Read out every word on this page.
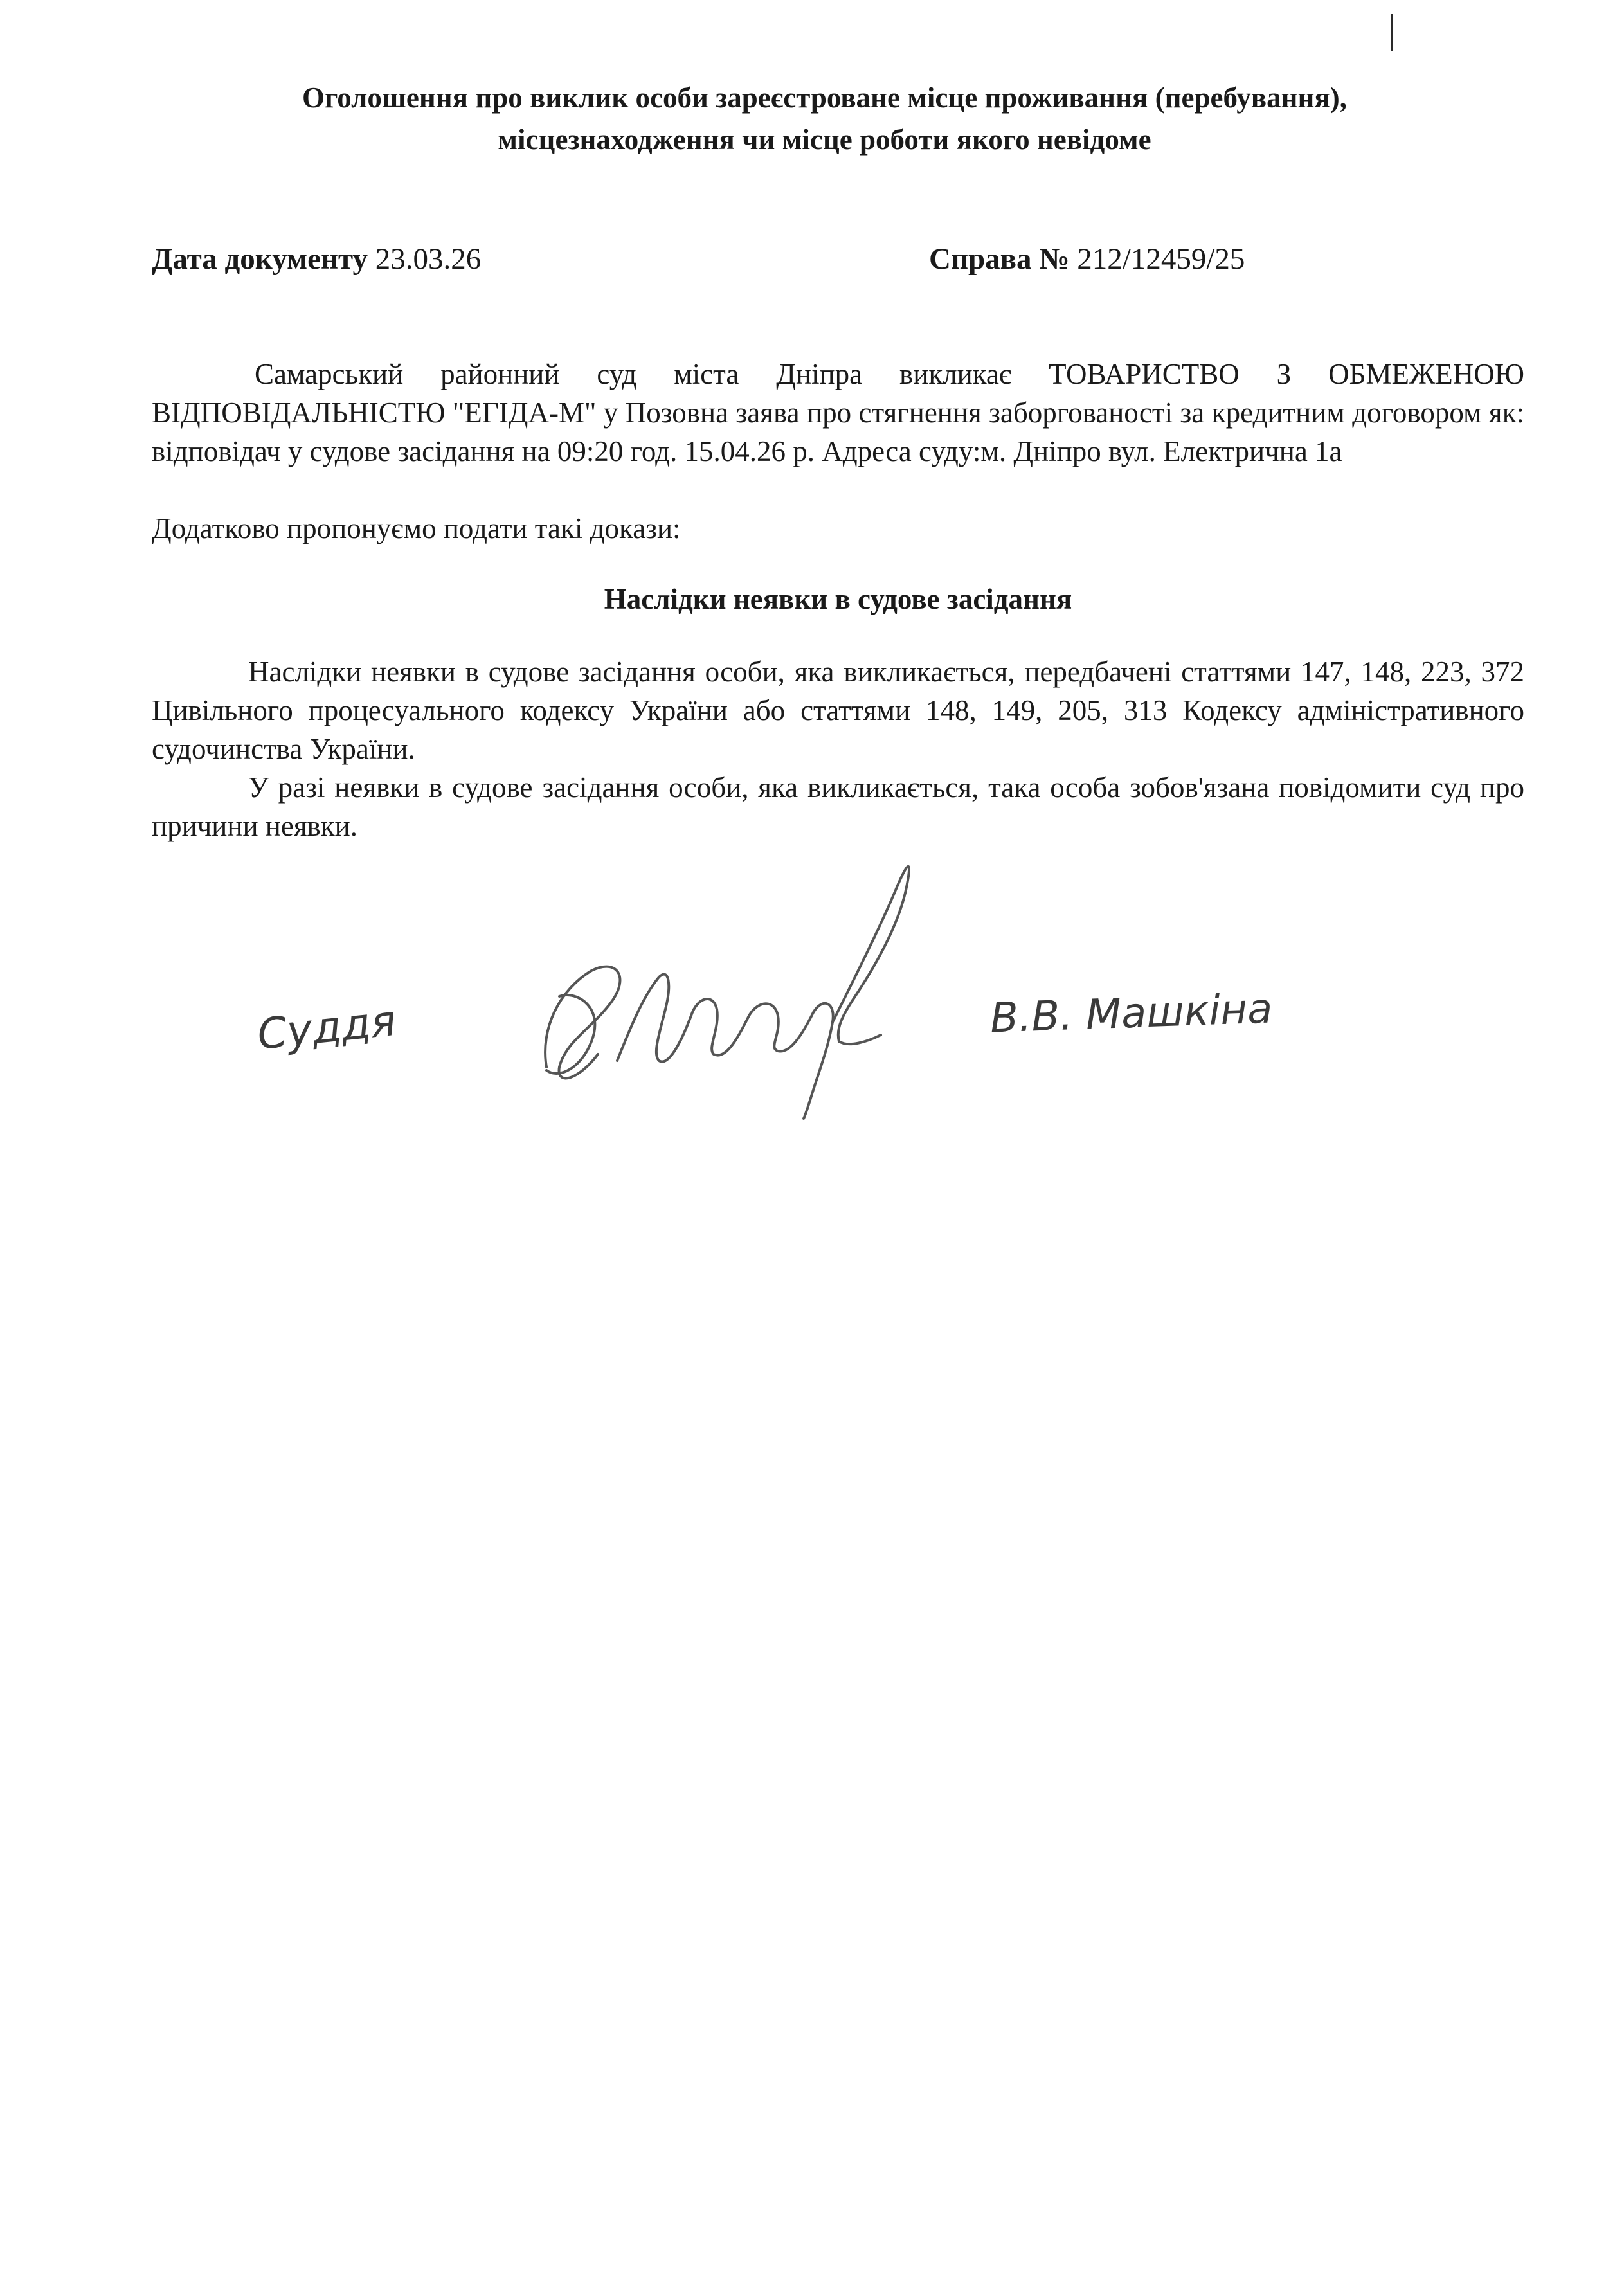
Оголошення про виклик особи зареєстроване місце проживання (перебування),
місцезнаходження чи місце роботи якого невідоме
Дата документу 23.03.26	Справа № 212/12459/25

Самарський районний суд міста Дніпра викликає ТОВАРИСТВО З ОБМЕЖЕНОЮ ВІДПОВІДАЛЬНІСТЮ "ЕГІДА-М" у Позовна заява про стягнення заборгованості за кредитним договором як: відповідач у судове засідання на 09:20 год. 15.04.26 р. Адреса суду:м. Дніпро вул. Електрична 1а

Додатково пропонуємо подати такі докази:

Наслідки неявки в судове засідання

Наслідки неявки в судове засідання особи, яка викликається, передбачені статтями 147, 148, 223, 372 Цивільного процесуального кодексу України або статтями 148, 149, 205, 313 Кодексу адміністративного судочинства України.

У разі неявки в судове засідання особи, яка викликається, така особа зобов'язана повідомити суд про причини неявки.

Суддя	В.В. Машкіна
